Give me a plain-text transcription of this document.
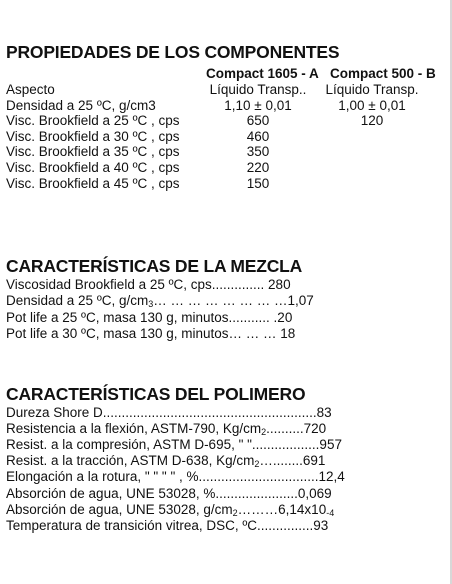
PROPIEDADES DE LOS COMPONENTES
Compact 1605 - A Compact 500 - B
Aspecto	Líquido Transp..	Líquido Transp.
Densidad a 25 ºC, g/cm3	1,10 ± 0,01	1,00 ± 0,01
Visc. Brookfield a 25 ºC , cps	650	120
Visc. Brookfield a 30 ºC , cps	460
Visc. Brookfield a 35 ºC , cps	350
Visc. Brookfield a 40 ºC , cps	220
Visc. Brookfield a 45 ºC , cps	150
CARACTERÍSTICAS DE LA MEZCLA
Viscosidad Brookfield a 25 ºC, cps.............. 280
Densidad a 25 ºC, $g/cm_3\dots$ … … … … … … …1,07
Pot life a 25 ºC, masa 130 g, minutos........... .20
Pot life a 30 ºC, masa 130 g, minutos… … … 18
CARACTERÍSTICAS DEL POLIMERO
Dureza Shore D.........................................................83
Resistencia a la flexión, ASTM-790, $Kg/cm_2..........720$
Resist. a la compresión, ASTM D-695, " "..................957
Resist. a la tracción, ASTM D-638, $Kg/cm_2\dots........691$
Elongación a la rotura, " " " " , %................................12,4
Absorción de agua, UNE 53028, %......................0,069
Absorción de agua, UNE 53028, $g/cm_2\dots\dots\dots 6,14x10_{-4}$
Temperatura de transición vitrea, DSC, ºC...............93
